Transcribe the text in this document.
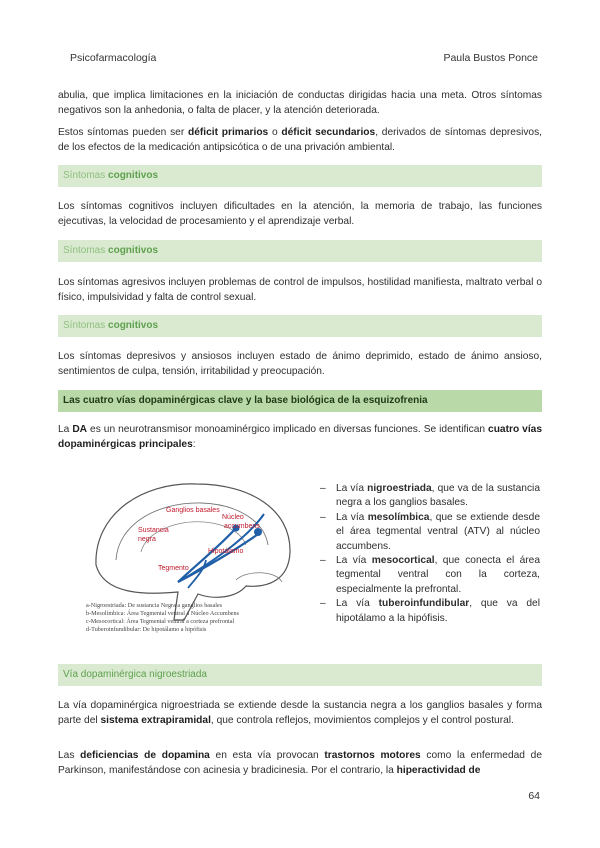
Psicofarmacología	Paula Bustos Ponce
abulia, que implica limitaciones en la iniciación de conductas dirigidas hacia una meta. Otros síntomas negativos son la anhedonia, o falta de placer, y la atención deteriorada.
Estos síntomas pueden ser déficit primarios o déficit secundarios, derivados de síntomas depresivos, de los efectos de la medicación antipsicótica o de una privación ambiental.
Síntomas cognitivos
Los síntomas cognitivos incluyen dificultades en la atención, la memoria de trabajo, las funciones ejecutivas, la velocidad de procesamiento y el aprendizaje verbal.
Síntomas cognitivos
Los síntomas agresivos incluyen problemas de control de impulsos, hostilidad manifiesta, maltrato verbal o físico, impulsividad y falta de control sexual.
Síntomas cognitivos
Los síntomas depresivos y ansiosos incluyen estado de ánimo deprimido, estado de ánimo ansioso, sentimientos de culpa, tensión, irritabilidad y preocupación.
Las cuatro vías dopaminérgicas clave y la base biológica de la esquizofrenia
La DA es un neurotransmisor monoaminérgico implicado en diversas funciones. Se identifican cuatro vías dopaminérgicas principales:
Ganglios basales
Núcleo
accumbens
Sustancia
negra
Hipotálamo
Tegmento
a-Nigroestriada: De sustancia Negra a ganglios basales
b-Mesolímbica: Área Tegmental ventral a Núcleo Accumbens
c-Mesocortical: Área Tegmental ventral a corteza prefrontal
d-Tuberoinfundibular: De hipotálamo a hipófisis
– La vía nigroestriada, que va de la sustancia negra a los ganglios basales.
– La vía mesolímbica, que se extiende desde el área tegmental ventral (ATV) al núcleo accumbens.
– La vía mesocortical, que conecta el área tegmental ventral con la corteza, especialmente la prefrontal.
– La vía tuberoinfundibular, que va del hipotálamo a la hipófisis.
Vía dopaminérgica nigroestriada
La vía dopaminérgica nigroestriada se extiende desde la sustancia negra a los ganglios basales y forma parte del sistema extrapiramidal, que controla reflejos, movimientos complejos y el control postural.
Las deficiencias de dopamina en esta vía provocan trastornos motores como la enfermedad de Parkinson, manifestándose con acinesia y bradicinesia. Por el contrario, la hiperactividad de
64
